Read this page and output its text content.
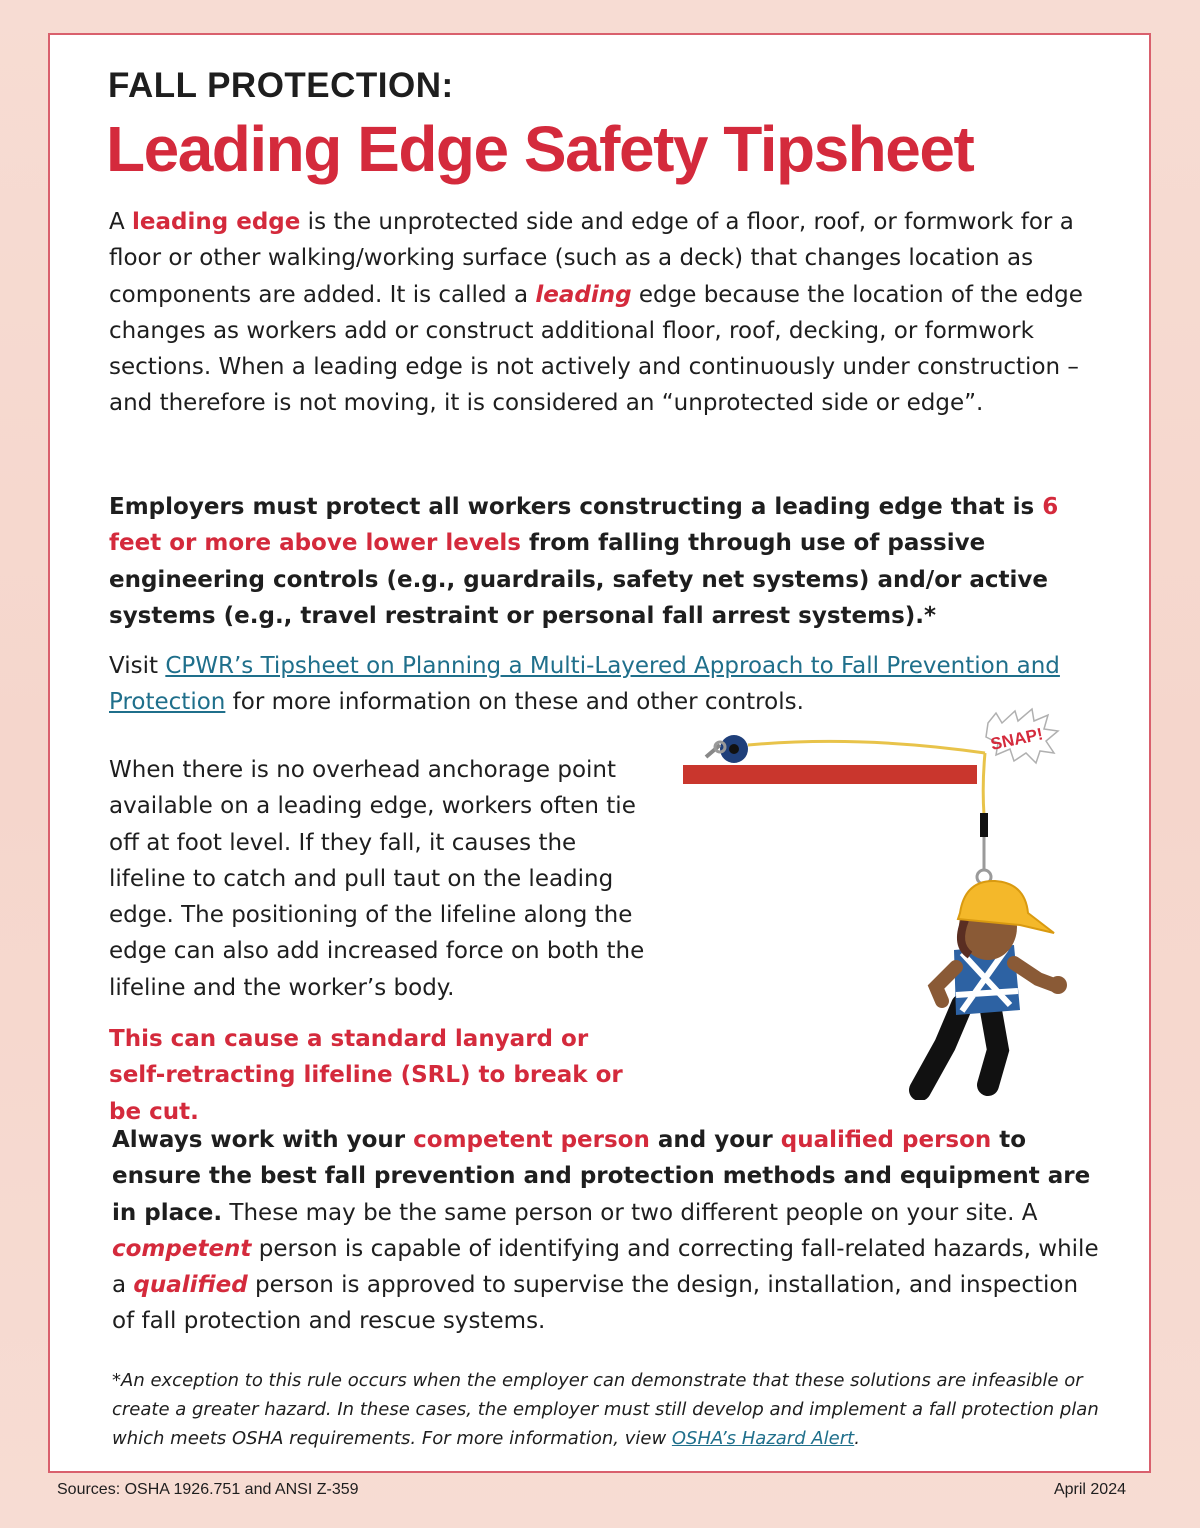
FALL PROTECTION:
Leading Edge Safety Tipsheet
A leading edge is the unprotected side and edge of a floor, roof, or formwork for a floor or other walking/working surface (such as a deck) that changes location as components are added. It is called a leading edge because the location of the edge changes as workers add or construct additional floor, roof, decking, or formwork sections. When a leading edge is not actively and continuously under construction – and therefore is not moving, it is considered an “unprotected side or edge”.
Employers must protect all workers constructing a leading edge that is 6 feet or more above lower levels from falling through use of passive engineering controls (e.g., guardrails, safety net systems) and/or active systems (e.g., travel restraint or personal fall arrest systems).*
Visit CPWR’s Tipsheet on Planning a Multi-Layered Approach to Fall Prevention and Protection for more information on these and other controls.
When there is no overhead anchorage point available on a leading edge, workers often tie off at foot level. If they fall, it causes the lifeline to catch and pull taut on the leading edge. The positioning of the lifeline along the edge can also add increased force on both the lifeline and the worker’s body.
This can cause a standard lanyard or self-retracting lifeline (SRL) to break or be cut.
SNAP!
Always work with your competent person and your qualified person to ensure the best fall prevention and protection methods and equipment are in place. These may be the same person or two different people on your site. A competent person is capable of identifying and correcting fall-related hazards, while a qualified person is approved to supervise the design, installation, and inspection of fall protection and rescue systems.
*An exception to this rule occurs when the employer can demonstrate that these solutions are infeasible or create a greater hazard. In these cases, the employer must still develop and implement a fall protection plan which meets OSHA requirements. For more information, view OSHA’s Hazard Alert.
Sources: OSHA 1926.751 and ANSI Z-359	April 2024
